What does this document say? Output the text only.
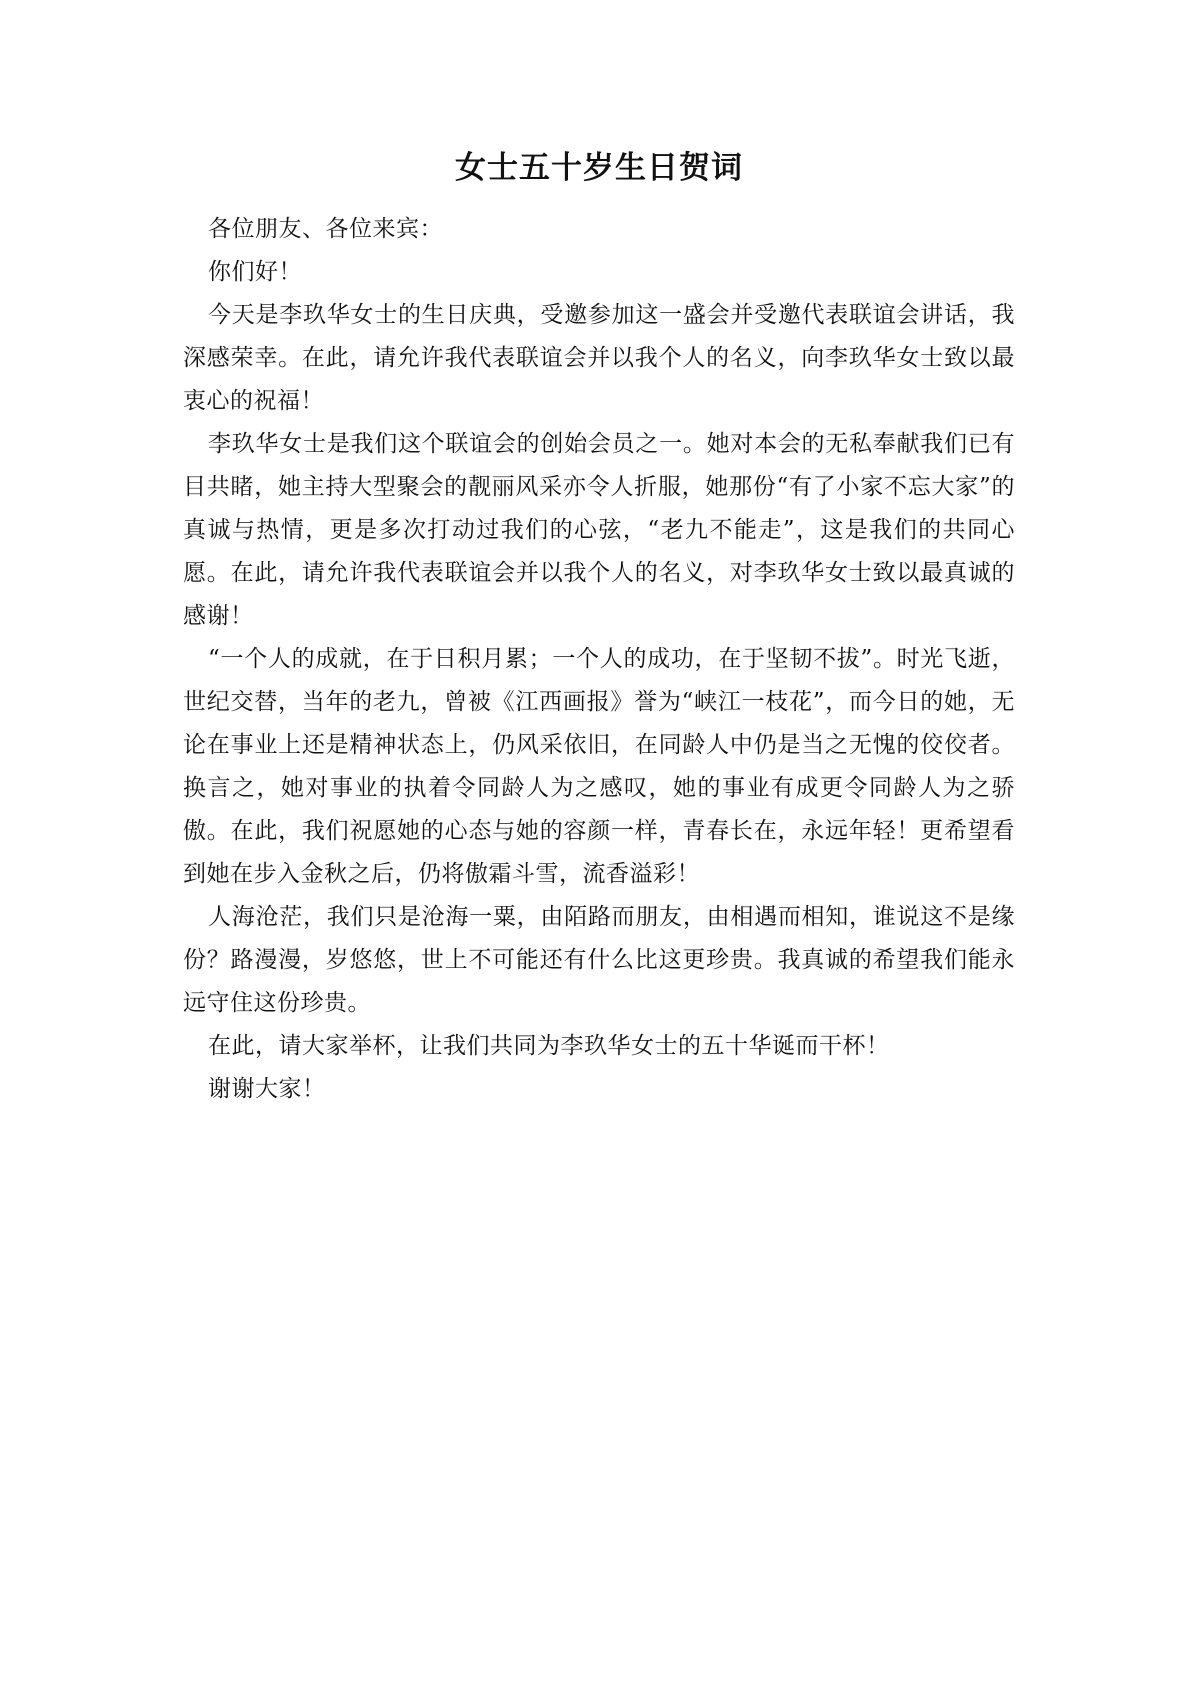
女士五十岁生日贺词

各位朋友、各位来宾：

你们好！

今天是李玖华女士的生日庆典，受邀参加这一盛会并受邀代表联谊会讲话，我深感荣幸。在此，请允许我代表联谊会并以我个人的名义，向李玖华女士致以最衷心的祝福！

李玖华女士是我们这个联谊会的创始会员之一。她对本会的无私奉献我们已有目共睹，她主持大型聚会的靓丽风采亦令人折服，她那份“有了小家不忘大家”的真诚与热情，更是多次打动过我们的心弦，“老九不能走”，这是我们的共同心愿。在此，请允许我代表联谊会并以我个人的名义，对李玖华女士致以最真诚的感谢！

“一个人的成就，在于日积月累；一个人的成功，在于坚韧不拔”。时光飞逝，世纪交替，当年的老九，曾被《江西画报》誉为“峡江一枝花”，而今日的她，无论在事业上还是精神状态上，仍风采依旧，在同龄人中仍是当之无愧的佼佼者。换言之，她对事业的执着令同龄人为之感叹，她的事业有成更令同龄人为之骄傲。在此，我们祝愿她的心态与她的容颜一样，青春长在，永远年轻！更希望看到她在步入金秋之后，仍将傲霜斗雪，流香溢彩！

人海沧茫，我们只是沧海一粟，由陌路而朋友，由相遇而相知，谁说这不是缘份？路漫漫，岁悠悠，世上不可能还有什么比这更珍贵。我真诚的希望我们能永远守住这份珍贵。

在此，请大家举杯，让我们共同为李玖华女士的五十华诞而干杯！

谢谢大家！
